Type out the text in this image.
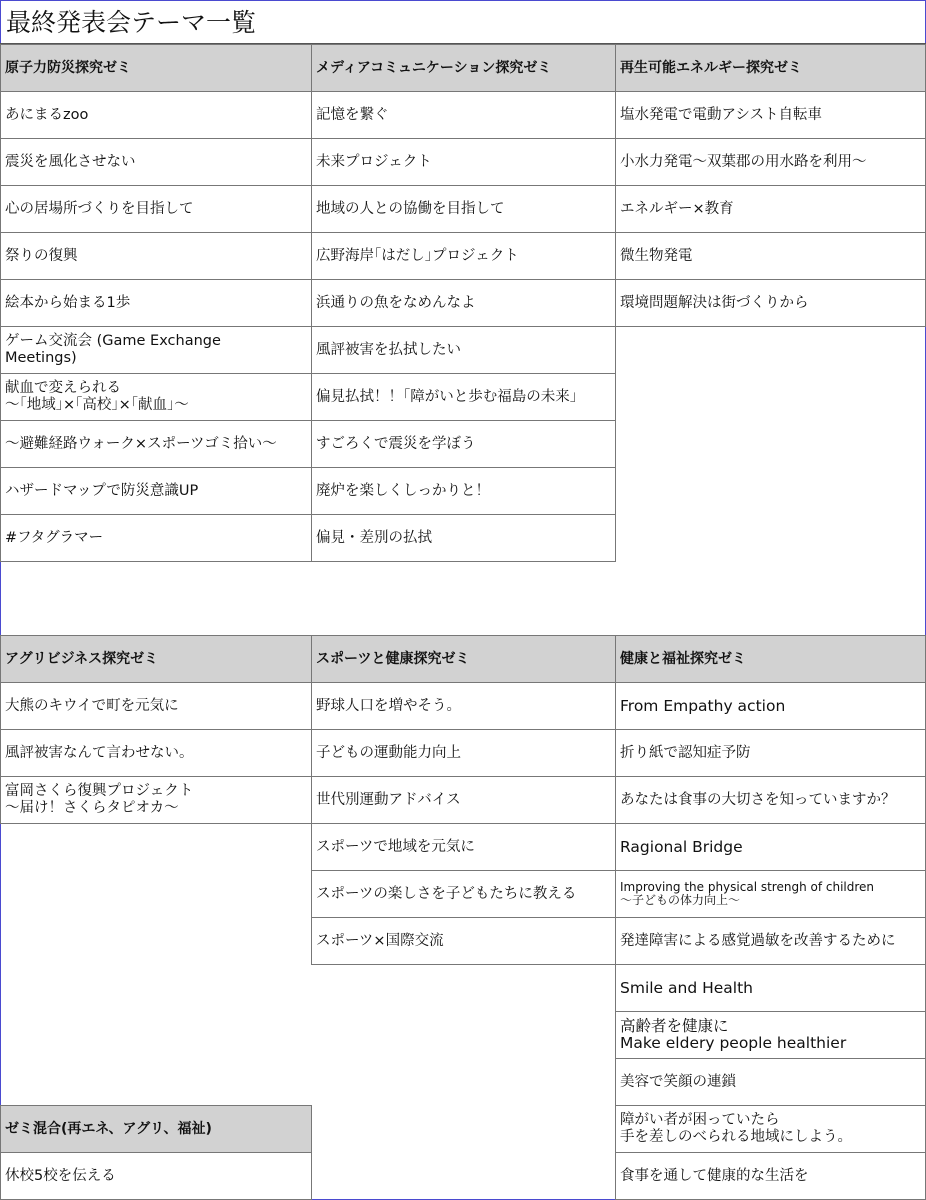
最終発表会テーマ一覧
原子力防災探究ゼミ
あにまるzoo
震災を風化させない
心の居場所づくりを目指して
祭りの復興
絵本から始まる1歩
ゲーム交流会 (Game Exchange
Meetings)
献血で変えられる
～｢地域｣×｢高校｣×｢献血｣～
～避難経路ウォーク×スポーツゴミ拾い～
ハザードマップで防災意識UP
#フタグラマー
メディアコミュニケーション探究ゼミ
記憶を繋ぐ
未来プロジェクト
地域の人との協働を目指して
広野海岸｢はだし｣プロジェクト
浜通りの魚をなめんなよ
風評被害を払拭したい
偏見払拭！！｢障がいと歩む福島の未来｣
すごろくで震災を学ぼう
廃炉を楽しくしっかりと！
偏見・差別の払拭
再生可能エネルギー探究ゼミ
塩水発電で電動アシスト自転車
小水力発電～双葉郡の用水路を利用～
エネルギー×教育
微生物発電
環境問題解決は街づくりから
アグリビジネス探究ゼミ
大熊のキウイで町を元気に
風評被害なんて言わせない。
富岡さくら復興プロジェクト
～届け！さくらタピオカ～
スポーツと健康探究ゼミ
野球人口を増やそう。
子どもの運動能力向上
世代別運動アドバイス
スポーツで地域を元気に
スポーツの楽しさを子どもたちに教える
スポーツ×国際交流
健康と福祉探究ゼミ
From Empathy action
折り紙で認知症予防
あなたは食事の大切さを知っていますか？
Ragional Bridge
Improving the physical strengh of children
～子どもの体力向上～
発達障害による感覚過敏を改善するために
Smile and Health
高齢者を健康に
Make eldery people healthier
美容で笑顔の連鎖
障がい者が困っていたら
手を差しのべられる地域にしよう。
食事を通して健康的な生活を
ゼミ混合(再エネ、アグリ、福祉)
休校5校を伝える
